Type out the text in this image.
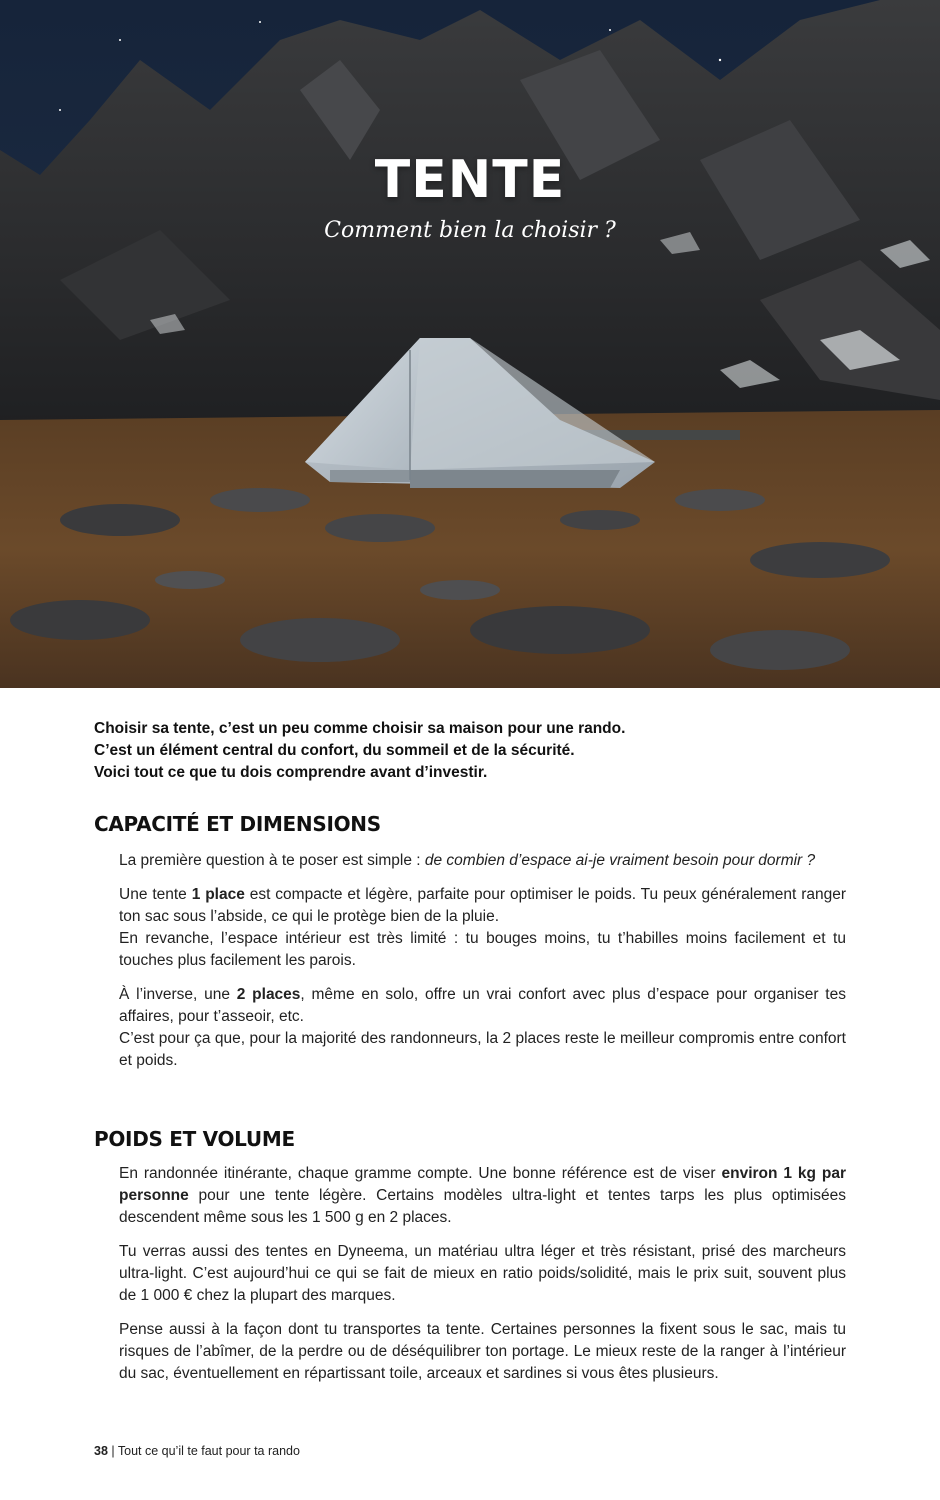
TENTE

Comment bien la choisir ?

Choisir sa tente, c’est un peu comme choisir sa maison pour une rando.
C’est un élément central du confort, du sommeil et de la sécurité.
Voici tout ce que tu dois comprendre avant d’investir.
CAPACITÉ ET DIMENSIONS

La première question à te poser est simple : de combien d’espace ai-je vraiment besoin pour dormir ?

Une tente 1 place est compacte et légère, parfaite pour optimiser le poids. Tu peux généralement ranger ton sac sous l’abside, ce qui le protège bien de la pluie.

En revanche, l’espace intérieur est très limité : tu bouges moins, tu t’habilles moins facilement et tu touches plus facilement les parois.

À l’inverse, une 2 places, même en solo, offre un vrai confort avec plus d’espace pour organiser tes affaires, pour t’asseoir, etc.

C’est pour ça que, pour la majorité des randonneurs, la 2 places reste le meilleur compromis entre confort et poids.

POIDS ET VOLUME

En randonnée itinérante, chaque gramme compte. Une bonne référence est de viser environ 1 kg par personne pour une tente légère. Certains modèles ultra-light et tentes tarps les plus optimisées descendent même sous les 1 500 g en 2 places.

Tu verras aussi des tentes en Dyneema, un matériau ultra léger et très résistant, prisé des marcheurs ultra-light. C’est aujourd’hui ce qui se fait de mieux en ratio poids/solidité, mais le prix suit, souvent plus de 1 000 € chez la plupart des marques.

Pense aussi à la façon dont tu transportes ta tente. Certaines personnes la fixent sous le sac, mais tu risques de l’abîmer, de la perdre ou de déséquilibrer ton portage. Le mieux reste de la ranger à l’intérieur du sac, éventuellement en répartissant toile, arceaux et sardines si vous êtes plusieurs.

38 | Tout ce qu’il te faut pour ta rando
